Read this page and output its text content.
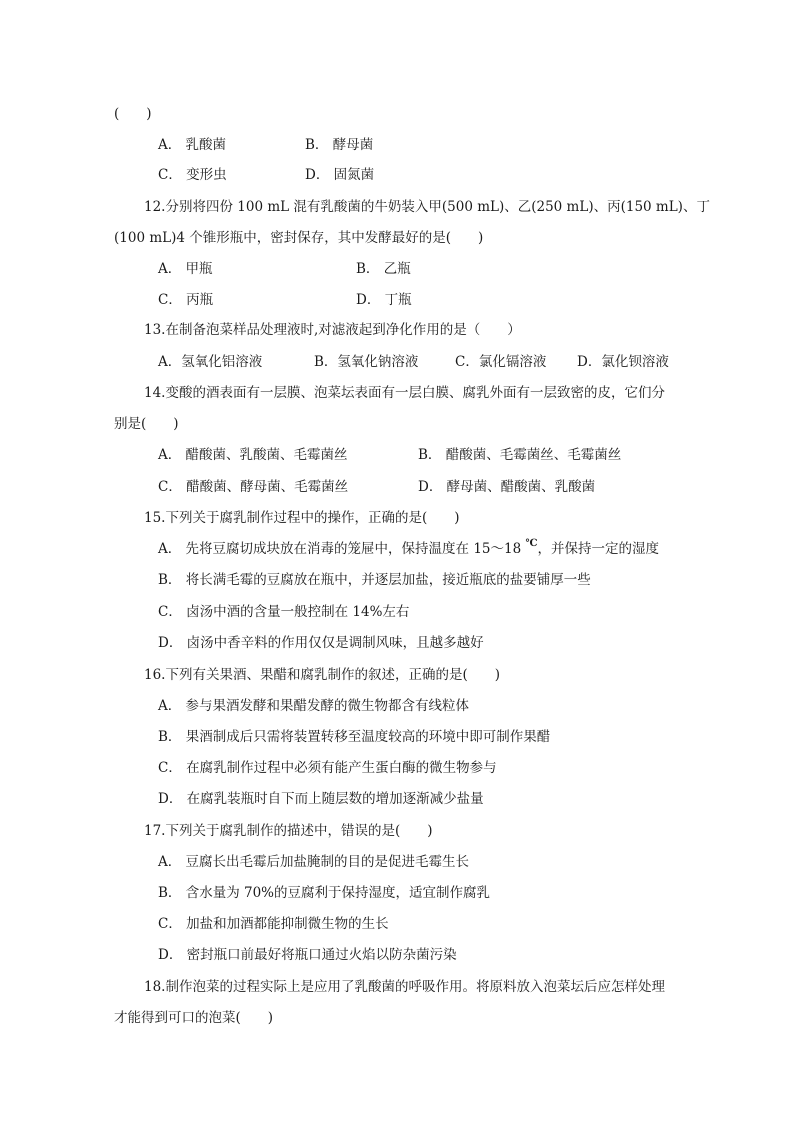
(　　)
A． 乳酸菌	B． 酵母菌
C． 变形虫	D． 固氮菌
12.分别将四份 100 mL 混有乳酸菌的牛奶装入甲(500 mL)、乙(250 mL)、丙(150 mL)、丁
(100 mL)4 个锥形瓶中，密封保存，其中发酵最好的是(　　)
A． 甲瓶	B． 乙瓶
C． 丙瓶	D． 丁瓶
13.在制备泡菜样品处理液时,对滤液起到净化作用的是（　　）
A．氢氧化铝溶液	B．氢氧化钠溶液	C．氯化镉溶液 D．氯化钡溶液
14.变酸的酒表面有一层膜、泡菜坛表面有一层白膜、腐乳外面有一层致密的皮，它们分
别是(　　)
A． 醋酸菌、乳酸菌、毛霉菌丝	B． 醋酸菌、毛霉菌丝、毛霉菌丝
C． 醋酸菌、酵母菌、毛霉菌丝	D． 酵母菌、醋酸菌、乳酸菌
15.下列关于腐乳制作过程中的操作，正确的是(　　)
A． 先将豆腐切成块放在消毒的笼屉中，保持温度在 15～18 ℃，并保持一定的湿度
B． 将长满毛霉的豆腐放在瓶中，并逐层加盐，接近瓶底的盐要铺厚一些
C． 卤汤中酒的含量一般控制在 14%左右
D． 卤汤中香辛料的作用仅仅是调制风味，且越多越好
16.下列有关果酒、果醋和腐乳制作的叙述，正确的是(　　)
A． 参与果酒发酵和果醋发酵的微生物都含有线粒体
B． 果酒制成后只需将装置转移至温度较高的环境中即可制作果醋
C． 在腐乳制作过程中必须有能产生蛋白酶的微生物参与
D． 在腐乳装瓶时自下而上随层数的增加逐渐减少盐量
17.下列关于腐乳制作的描述中，错误的是(　　)
A． 豆腐长出毛霉后加盐腌制的目的是促进毛霉生长
B． 含水量为 70%的豆腐利于保持湿度，适宜制作腐乳
C． 加盐和加酒都能抑制微生物的生长
D． 密封瓶口前最好将瓶口通过火焰以防杂菌污染
18.制作泡菜的过程实际上是应用了乳酸菌的呼吸作用。将原料放入泡菜坛后应怎样处理
才能得到可口的泡菜(　　)
